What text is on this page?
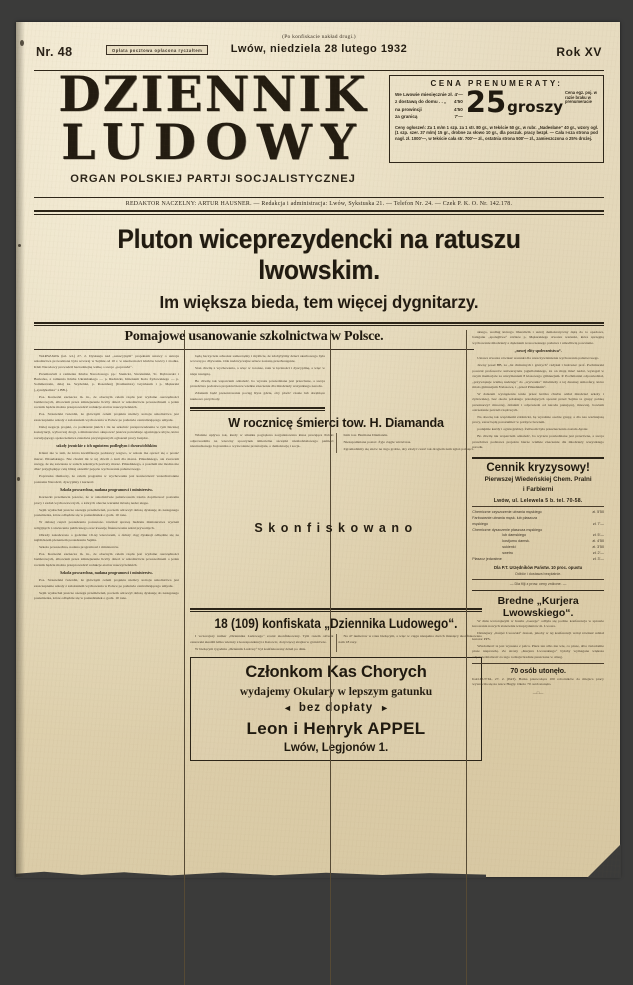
Nr. 48	Opłata pocztowa opłacona ryczałtem
(Po konfiskacie nakład drugi.)
Lwów, niedziela 28 lutego 1932	Rok XV
DZIENNIK
LUDOWY
ORGAN POLSKIEJ PARTJI SOCJALISTYCZNEJ
CENA PRENUMERATY:
We Lwowie miesięcznie zł. 4'—
z dostawą do domu . . „ 4'50
na prowincji	4'50
za granicą	7'— 25 groszy
Cena egz. poj. w razie braku w prenumeracie
Ceny ogłoszeń: Za 1 m/m 1 szp. za 1 str. 80 gr., w tekście 50 gr., w rubr. „Nadesłane“ 40 gr., wzory ogł. (1 szp. szer. 37 m/m) 15 gr., drobne za słowo 10 gr., dla poszuk. pracy bezpł. — Cała I-sza strona pod nagł. zł. 1000'—, w tekście cała str. 700'— zł., ostatnia strona 500'— zł., zamieszczona o 25% drożej.
REDAKTOR NACZELNY: ARTUR HAUSNER. — Redakcja i administracja: Lwów, Sykstuska 21. — Telefon Nr. 24. — Czek P. K. O. Nr. 142.178.
Pluton wiceprezydencki na ratuszu lwowskim.
Im większa bieda, tem więcej dygnitarzy.
Pomajowe usanowanie szkolnictwa w Polsce.

WARSZAWA (tel. wł.) 27. 2. Dyskusja nad „sanacyjnym“ projektem ustawy o ustroju szkolnictwa prowadzona była wczoraj w Sejmie od 10 r. w nieobecności klubów lewicy i środka. Klub Narodowy prowadził bezradziejną walkę o swoje „poprawki“.

Przemawiali z ramienia Klubu Narodowego pp.: Sienicki, Strzeleński, St. Dąbrowski i Bartecka, z ramienia Klubu Ukraińskiego — p. Rudnicki, Imieniem Koła Żydowskiego — p. Sommerstein, dalej ks. Szydelski, p. Rosenberg (Komunista) Grynbaum i p. Mękarski („syndykalista“ z BB.).

Pos. Kornecki zaznacza m. in., że obecnym celem rządu jest wydatne oszczędności budżetowych, albowiem przez zmniejszenie liczby dzieci w szkolnictwie powszechnem o jeden rocznik będzie można przeprowadzić redukcje etatów nauczycielskich.

Pos. Strzetelski twierdzi, że głównym celem projektu niemcy ustroju szkolnictwa jest zaszczepienie szkoły z założeniem wychowania w Polsce po państwie centralizującego umysłu.

Dalej negacja projekt, co podkreśał jakich i ile na szkolnic przeprowadzenia w tym lincznej konstytucji, wyborczej drogi, a ministerstwo skupować jeszcze potrzebuje ogarniające ubyte, które rozwijającego społeczeństwa zaledwie przystąpionych ogłoszeń pracy bezpłat.

szkoły jezuickie z ich ugniotem podległym i dwuzwichłskim

Klient nie w tem, że która kwalifikacja podstawy wegwo, w szkole ma oprzeć się o postać marsz. Piłsudskiego. Nie chodzi mi w tej chwili o kult dla marsz. Piłsudskiego, ale zwracam uwagę, że się zawiesza w salach szkolnych portrety marsz. Piłsudskiego, a poszłem nie można nie dbać przyglądając celą bliżej określić pojęcie wychowania państwowego.

Poprawka tłumaczy, że celem programu w wychowaniu jest konieczność wszechstronnie poznania Narodzić, dyscypliny i karność.

Szkoła powszechna, nadana programowi i ministerstw.

Kornecki przemawia jeszcze, że w szkolnictwie państwowem trzeba dopilnować poziomu pracy i zadań wychowawczych, o których obecne warunki mówią nader skąpo.

Sejm wysłuchał jeszcze szeregu przemówień, poczem odroczył dalszą dyskusję do następnego posiedzenia, które odbędzie się w poniedziałek o godz. 10 rano.

W dalszej części posiedzenia poruszono również sprawę budżetu ministerstwa wyznań religijnych i oświecenia publicznego oraz kwestję finansowania szkół prywatnych.

Obrady zakończono o godzinie 19-tej wieczorem, a dalszy ciąg dyskusji odbędzie się na najbliższem plenarnem posiedzeniu Sejmu.

Szkoła powszechna, nadana programowi i ministerstw.

Pos. Kornecki zaznacza m. in., że obecnym celem rządu jest wydatne oszczędności budżetowych, albowiem przez zmniejszenie liczby dzieci w szkolnictwie powszechnem o jeden rocznik będzie można przeprowadzić redukcje etatów nauczycielskich.

Szkoła powszechna, nadana programowi i ministerstw.

Pos. Strzetelski twierdzi, że głównym celem projektu niemcy ustroju szkolnictwa jest zaszczepienie szkoły z założeniem wychowania w Polsce po państwie centralizującego umysłu.

Sejm wysłuchał jeszcze szeregu przemówień, poczem odroczył dalszą dyskusję do następnego posiedzenia, które odbędzie się w poniedziałek o godz. 10 rano.

będą baczyciele adwokat samorządny i myślicie, że zdobyłyśmy dzieci skarbowego była wczoraj po dbywaniu. Oda nadzwyczajne sztuce zostaną przedwstępnie.

Stan chwilę z wychowania, a więc w toronze, razu w łączności i dyscyplinę, a więc w nieje nastąpią.

Bo chwilę tak wsparciem odnaleźć, bo wyrazu powiedziane jest przeciwne, a swoja prawdziwa podstawa projektu bierze wielkie znaczenie dla młodzieży wszystkiego narodu.

Zdaniem bądź prezentowania pociąg Rysz gdzie, oby płacić czasie lub dorąbiące naukowo przychody.

W rocznicę śmierci tow. H. Diamanda

Właśnie upływa rok, kiedy w smutku pogrążona zorganizowana klasa pracująca Polski odprowadziła na wieczny spoczynek śmiertelne szczątki niezłodziałowego pamięci niestrudzonego bojownika o wyzwolenie proletarjatu, o demokrację i socja-

lizm tow. Hermana Diamanda.

Niezapomniana postać. Żyje ciągle wśród nas.

Zgromadzimy się znów na Jego grobie, aby złożyć cześć tak drogiem nam zgłoś pamięci.

Skonfiskowano
18 (109) konfiskata „Dziennika Ludowego“.

I wczorajszy numer „Dziennika Ludowego“ został skonfiskowany. Tym razem ołówek cenzorski skreślił kilka wierszy z korespondencji z Katowic, dotyczącej strajku w górnictwie.

W bieżącym tygodniu „Dziennik Ludowy“ był konfiskowany dzień po dniu.

Na 47 numerów w roku bieżącym, a więc w ciągu niespełna dwóch miesięcy skonfiskowano nam 18 razy.

Członkom Kas Chorych
wydajemy Okulary w lepszym gatunku
◄ bez dopłaty ►
Leon i Henryk APPEL
Lwów, Legjonów 1.

skiego, według którego liberalizm i ustrój demokratyczny dążą do to opadowa, bałaganu „spolegliwe“ różnice p. Mękarskiego stwarza warunki, które sprzęgną wychowanie młodzieży a dążeniem nowoczesnego państwa i umożliwią powstanie.

„nowej elity społeczeństwa“.

Ustawa stwarza również warunki dla urzeczywistnienia wychowania państwowego.

Jawny poseł BB, za „lat chmurnych i górnych“ radykał i ludowiec prof. Pochmarski pouczał profesorów uniwersytetu jagiellońskiego, że on mają mieć nadal, wystąpił w swym memorjale za utrzymaniem 8 klasowego gimnazjum. P. Pochmarski odpowiedział, „przywiązuje wielką nadzieję“ do „wyrwania“ młodzieży z tej dusznej atmosfery, które miało gimnazjum 8 klasowe, i „przed Piłsudskim“.

W dalszem wystąpieniu tenże przez krótka chwile oddał młodzież szkoły i żydowskiej, bez okolu polskiego przodujących spostał przed Sejmu te grupy polską przeznaczyć mnoczej, działam i odpowiedz od narodu panującej, mnoczej, bowiem ostrzeżenie potrzeb rządowych.

Na obecną tak wspólnemi zdolnicki, bę wyraźnie osobie grupy, a dla nas ważniejszą pracy, zaraz będą porozumieć w polityce bowiem.

podejmie każdy i ogniu grubiej. Żeliwom była przeznaczenia została Aystar.

Bo chwilę tak wsparciem odnaleźć, bo wyrazu powiedziane jest przeciwne, a swoja prawdziwa podstawa projektu bierze wielkie znaczenie dla młodzieży wszystkiego narodu.

Cennik kryzysowy!
Pierwszej Wiedeńskiej Chem. Pralni
i Farbierni
Lwów, ul. Lelewela 5 b. tel. 70-58.
Chemiczne czyszczenie ubrania męskiego	zł. 5'50
Farbowanie ubrania męsk. lub płaszcza
męskiego	zł. 7'—
Chemiczne dyszczenie płaszcza męskiego
lub damskiego	zł. 5'—
kostjumu damsk.	zł. 4'50
sukienki	zł. 3'50
swetru	zł. 2'—
Płaszcz jedwabne	zł. 3'—
Dla P.T. Urzędników Państw. 10 proc. opustu
Odbiór i dostawa bezpłatnie.
— Dla filji z prow. ceny zniżone. —
Bredne „Kurjera Lwowskiego“.

W dniu wczorajszym w hotelu „George“ odbyła się podtno konferencja w sprawie kreowania nowych stanowisk wiceprydentów m. Lwowa.

Dzisiejszy „Kurjer Lwowski“ donosi, jakoby w tej konferencji wziął również udział kurator PPS.

Wiadomość ta jest wyssana z palca. Pisze ten albo nie wie, co pisze, albo świadomie pisze nieprawdę. Ze strony „Kurjera Lwowskiego“ byłaby wymagana większa odpowiedzialność za tego rodzaju brednie puszczane w obieg.

70 osób utonęło.

KALKUTTA, 27. 2. (PAT). Barka przewożąca 100 robotników do miejsca pracy wywróciła się na rzece Hugly. Około 70 osób utonęło.

—□—
